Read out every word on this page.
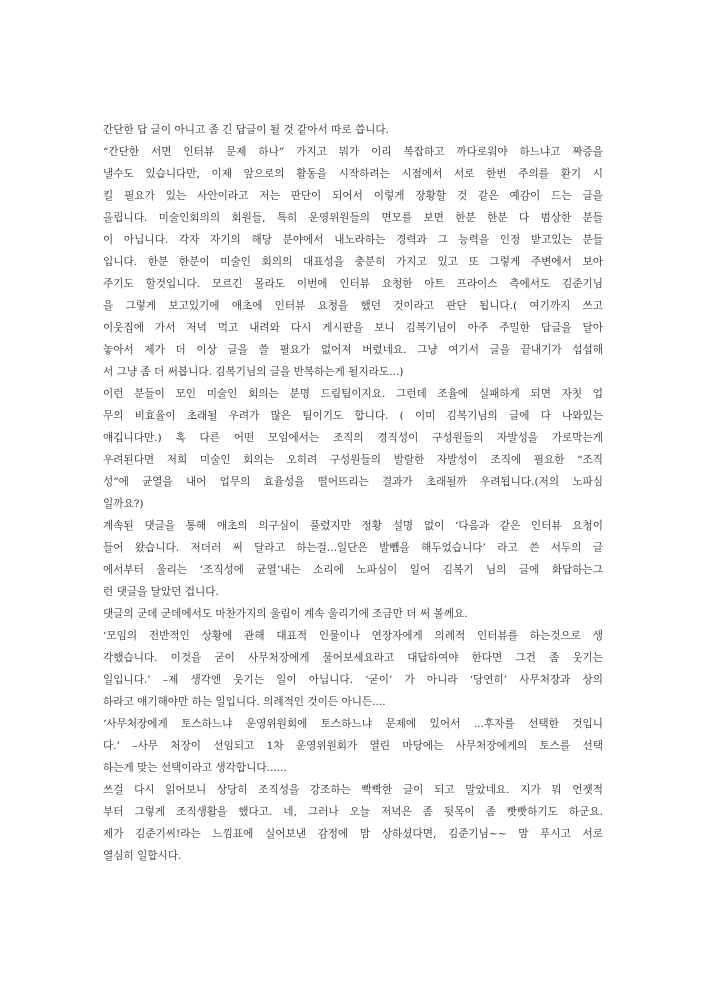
간단한 답 글이 아니고 좀 긴 답글이 될 것 같아서 따로 씁니다.
“간단한 서면 인터뷰 문제 하나” 가지고 뭐가 이리 복잡하고 까다로워야 하느냐고 짜증을
낼수도 있습니다만, 이제 앞으로의 활동을 시작하려는 시점에서 서로 한번 주의를 환기 시
킬 필요가 있는 사안이라고 저는 판단이 되어서 이렇게 장황할 것 같은 예감이 드는 글을
올립니다. 미술인회의의 회원들, 특히 운영위원들의 면모를 보면 한분 한분 다 범상한 분들
이 아닙니다. 각자 자기의 해당 분야에서 내노라하는 경력과 그 능력을 인정 받고있는 분들
입니다. 한분 한분이 미술인 회의의 대표성을 충분히 가지고 있고 또 그렇게 주변에서 보아
주기도 할것입니다. 모르긴 몰라도 이번에 인터뷰 요청한 아트 프라이스 측에서도 김준기님
을 그렇게 보고있기에 애초에 인터뷰 요청을 했던 것이라고 판단 됩니다.( 여기까지 쓰고
이웃집에 가서 저녁 먹고 내려와 다시 게시판을 보니 김복기님이 아주 주밀한 답글을 달아
놓아서 제가 더 이상 글을 쓸 필요가 없어져 버렸네요. 그냥 여기서 글을 끝내기가 섭섭해
서 그냥 좀 더 써봅니다. 김복기님의 글을 반복하는게 될지라도...)
이런 분들이 모인 미술인 회의는 분명 드림팀이지요. 그런데 조율에 실패하게 되면 자칫 업
무의 비효율이 초래될 우려가 많은 팀이기도 합니다. ( 이미 김복기님의 글에 다 나와있는
얘깁니다만.) 혹 다른 어떤 모임에서는 조직의 경직성이 구성원들의 자발성을 가로막는게
우려된다면 저희 미술인 회의는 오히려 구성원들의 발랄한 자발성이 조직에 필요한 “조직
성”에 균열을 내어 업무의 효율성을 떨어뜨리는 결과가 초래될까 우려됩니다.(저의 노파심
일까요?)
계속된 댓글을 통해 애초의 의구심이 풀렸지만 정황 설명 없이 ‘다음과 같은 인터뷰 요청이
들어 왔습니다. 저더러 써 달라고 하는걸...일단은 발뺌을 해두었습니다’ 라고 쓴 서두의 글
에서부터 울리는 ‘조직성에 균열’내는 소리에 노파심이 일어 김복기 님의 글에 화답하는그
런 댓글을 달았던 겁니다.
댓글의 군데 군데에서도 마찬가지의 울림이 계속 울리기에 조금만 더 써 볼께요.
‘모임의 전반적인 상황에 관해 대표적 인물이나 연장자에게 의례적 인터뷰를 하는것으로 생
각했습니다. 이것을 굳이 사무처장에게 물어보세요라고 대답하여야 한다면 그건 좀 웃기는
일입니다.’ –제 생각엔 웃기는 일이 아닙니다. ‘굳이’ 가 아니라 ‘당연히’ 사무처장과 상의
하라고 얘기해야만 하는 일입니다. 의례적인 것이든 아니든....
‘사무처장에게 토스하느냐 운영위원회에 토스하느냐 문제에 있어서 ...후자를 선택한 것입니
다.’ –사무 처장이 선임되고 1차 운영위원회가 열린 마당에는 사무처장에게의 토스를 선택
하는게 맞는 선택이라고 생각합니다......
쓰걸 다시 읽어보니 상당히 조직성을 강조하는 빡빡한 글이 되고 말았네요. 지가 뭐 언젯적
부터 그렇게 조직생활을 했다고. 네, 그러나 오늘 저녁은 좀 뒷목이 좀 빳빳하기도 하군요.
제가 김준기씨!라는 느낌표에 실어보낸 감정에 맘 상하셨다면, 김준기님~~ 맘 푸시고 서로
열심히 일합시다.
